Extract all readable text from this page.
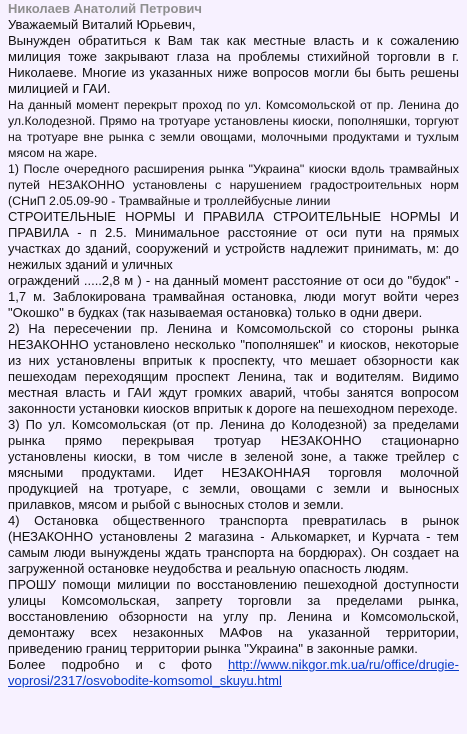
Николаев Анатолий Петрович

Уважаемый Виталий Юрьевич,

Вынужден обратиться к Вам так как местные власть и к сожалению милиция тоже закрывают глаза на проблемы стихийной торговли в г. Николаеве. Многие из указанных ниже вопросов могли бы быть решены милицией и ГАИ.

На данный момент перекрыт проход по ул. Комсомольской от пр. Ленина до ул.Колодезной. Прямо на тротуаре установлены киоски, пополняшки, торгуют на тротуаре вне рынка с земли овощами, молочными продуктами и тухлым мясом на жаре.

1) После очередного расширения рынка "Украина" киоски вдоль трамвайных путей НЕЗАКОННО установлены с нарушением градостроительных норм (СНиП 2.05.09-90 - Трамвайные и троллейбусные линии

СТРОИТЕЛЬНЫЕ НОРМЫ И ПРАВИЛА СТРОИТЕЛЬНЫЕ НОРМЫ И ПРАВИЛА - п 2.5. Минимальное расстояние от оси пути на прямых участках до зданий, сооружений и устройств надлежит принимать, м: до нежилых зданий и уличных

ограждений .....2,8 м ) - на данный момент расстояние от оси до "будок" - 1,7 м. Заблокирована трамвайная остановка, люди могут войти через "Окошко" в будках (так называемая остановка) только в одни двери.

2) На пересечении пр. Ленина и Комсомольской со стороны рынка НЕЗАКОННО установлено несколько "пополняшек" и киосков, некоторые из них установлены впритык к проспекту, что мешает обзорности как пешеходам переходящим проспект Ленина, так и водителям. Видимо местная власть и ГАИ ждут громких аварий, чтобы занятся вопросом законности установки киосков впритык к дороге на пешеходном переходе.

3) По ул. Комсомольская (от пр. Ленина до Колодезной) за пределами рынка прямо перекрывая тротуар НЕЗАКОННО стационарно установлены киоски, в том числе в зеленой зоне, а также трейлер с мясными продуктами. Идет НЕЗАКОННАЯ торговля молочной продукцией на тротуаре, с земли, овощами с земли и выносных прилавков, мясом и рыбой с выносных столов и земли.

4) Остановка общественного транспорта превратилась в рынок (НЕЗАКОННО установлены 2 магазина - Алькомаркет, и Курчата - тем самым люди вынуждены ждать транспорта на бордюрах). Он создает на загруженной остановке неудобства и реальную опасность людям.

ПРОШУ помощи милиции по восстановлению пешеходной доступности улицы Комсомольская, запрету торговли за пределами рынка, восстановлению обзорности на углу пр. Ленина и Комсомольской, демонтажу всех незаконных МАФов на указанной территории, приведению границ территории рынка "Украина" в законные рамки.

Более подробно и с фото http://www.nikgor.mk.ua/ru/office/drugie-voprosi/2317/osvobodite-komsomol_skuyu.html
